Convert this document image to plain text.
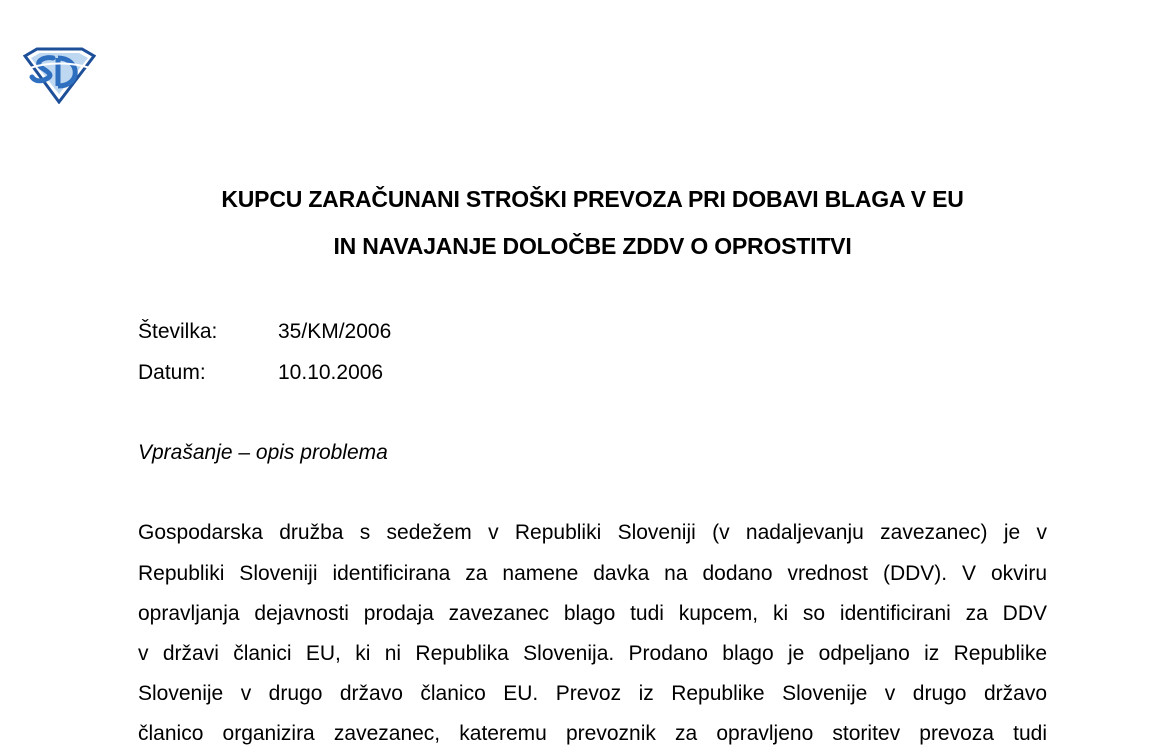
KUPCU ZARAČUNANI STROŠKI PREVOZA PRI DOBAVI BLAGA V EU
IN NAVAJANJE DOLOČBE ZDDV O OPROSTITVI
Številka:	35/KM/2006
Datum:	10.10.2006
Vprašanje – opis problema
Gospodarska družba s sedežem v Republiki Sloveniji (v nadaljevanju zavezanec) je v
Republiki Sloveniji identificirana za namene davka na dodano vrednost (DDV). V okviru
opravljanja dejavnosti prodaja zavezanec blago tudi kupcem, ki so identificirani za DDV
v državi članici EU, ki ni Republika Slovenija. Prodano blago je odpeljano iz Republike
Slovenije v drugo državo članico EU. Prevoz iz Republike Slovenije v drugo državo
članico organizira zavezanec, kateremu prevoznik za opravljeno storitev prevoza tudi
